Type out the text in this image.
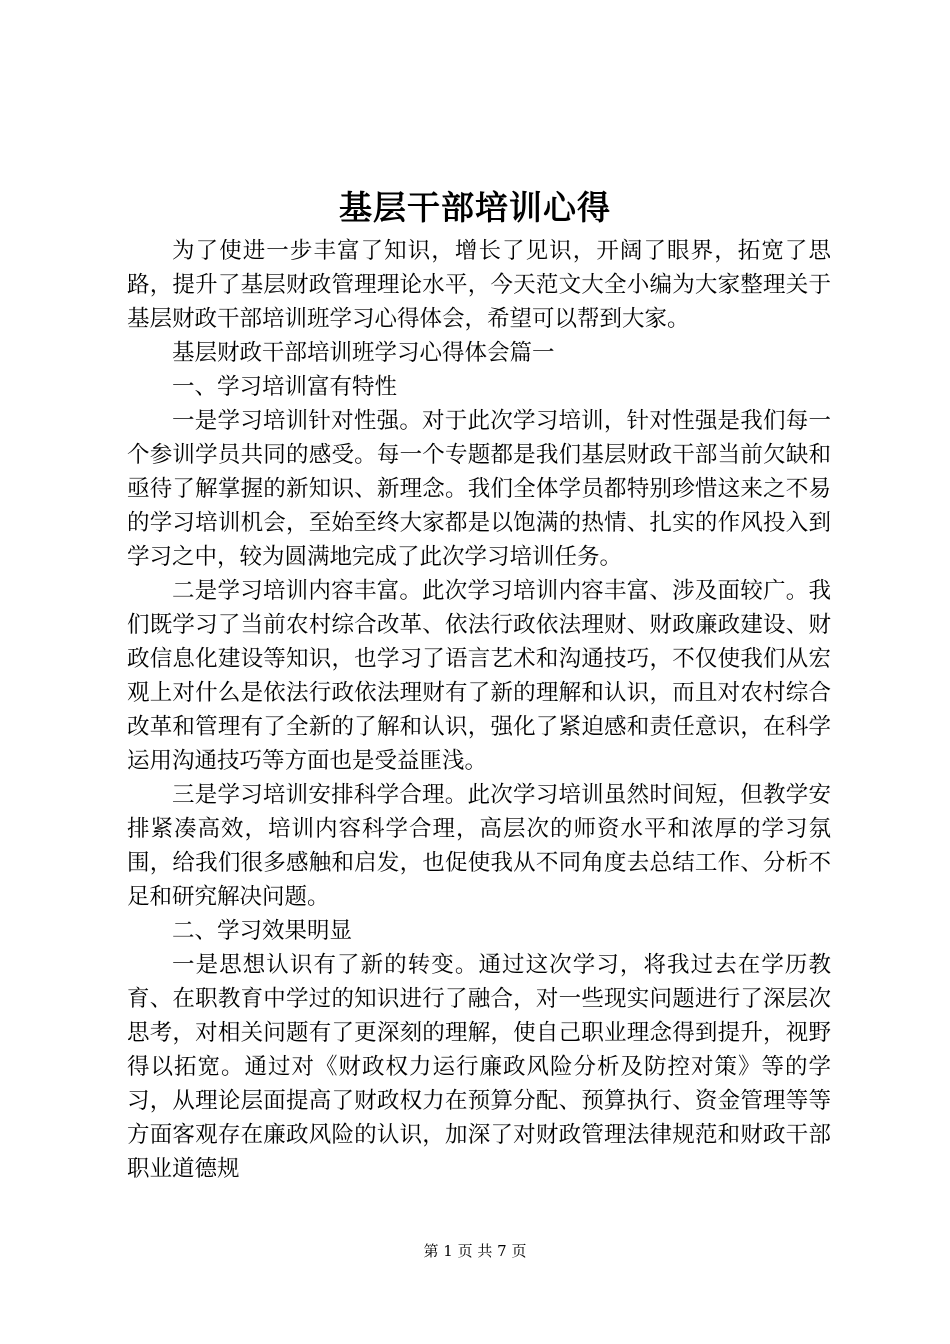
基层干部培训心得

为了使进一步丰富了知识，增长了见识，开阔了眼界，拓宽了思路，提升了基层财政管理理论水平，今天范文大全小编为大家整理关于基层财政干部培训班学习心得体会，希望可以帮到大家。

基层财政干部培训班学习心得体会篇一

一、学习培训富有特性

一是学习培训针对性强。对于此次学习培训，针对性强是我们每一个参训学员共同的感受。每一个专题都是我们基层财政干部当前欠缺和亟待了解掌握的新知识、新理念。我们全体学员都特别珍惜这来之不易的学习培训机会，至始至终大家都是以饱满的热情、扎实的作风投入到学习之中，较为圆满地完成了此次学习培训任务。

二是学习培训内容丰富。此次学习培训内容丰富、涉及面较广。我们既学习了当前农村综合改革、依法行政依法理财、财政廉政建设、财政信息化建设等知识，也学习了语言艺术和沟通技巧，不仅使我们从宏观上对什么是依法行政依法理财有了新的理解和认识，而且对农村综合改革和管理有了全新的了解和认识，强化了紧迫感和责任意识，在科学运用沟通技巧等方面也是受益匪浅。

三是学习培训安排科学合理。此次学习培训虽然时间短，但教学安排紧凑高效，培训内容科学合理，高层次的师资水平和浓厚的学习氛围，给我们很多感触和启发，也促使我从不同角度去总结工作、分析不足和研究解决问题。

二、学习效果明显

一是思想认识有了新的转变。通过这次学习，将我过去在学历教育、在职教育中学过的知识进行了融合，对一些现实问题进行了深层次思考，对相关问题有了更深刻的理解，使自己职业理念得到提升，视野得以拓宽。通过对《财政权力运行廉政风险分析及防控对策》等的学习，从理论层面提高了财政权力在预算分配、预算执行、资金管理等等方面客观存在廉政风险的认识，加深了对财政管理法律规范和财政干部职业道德规

第 1 页 共 7 页
